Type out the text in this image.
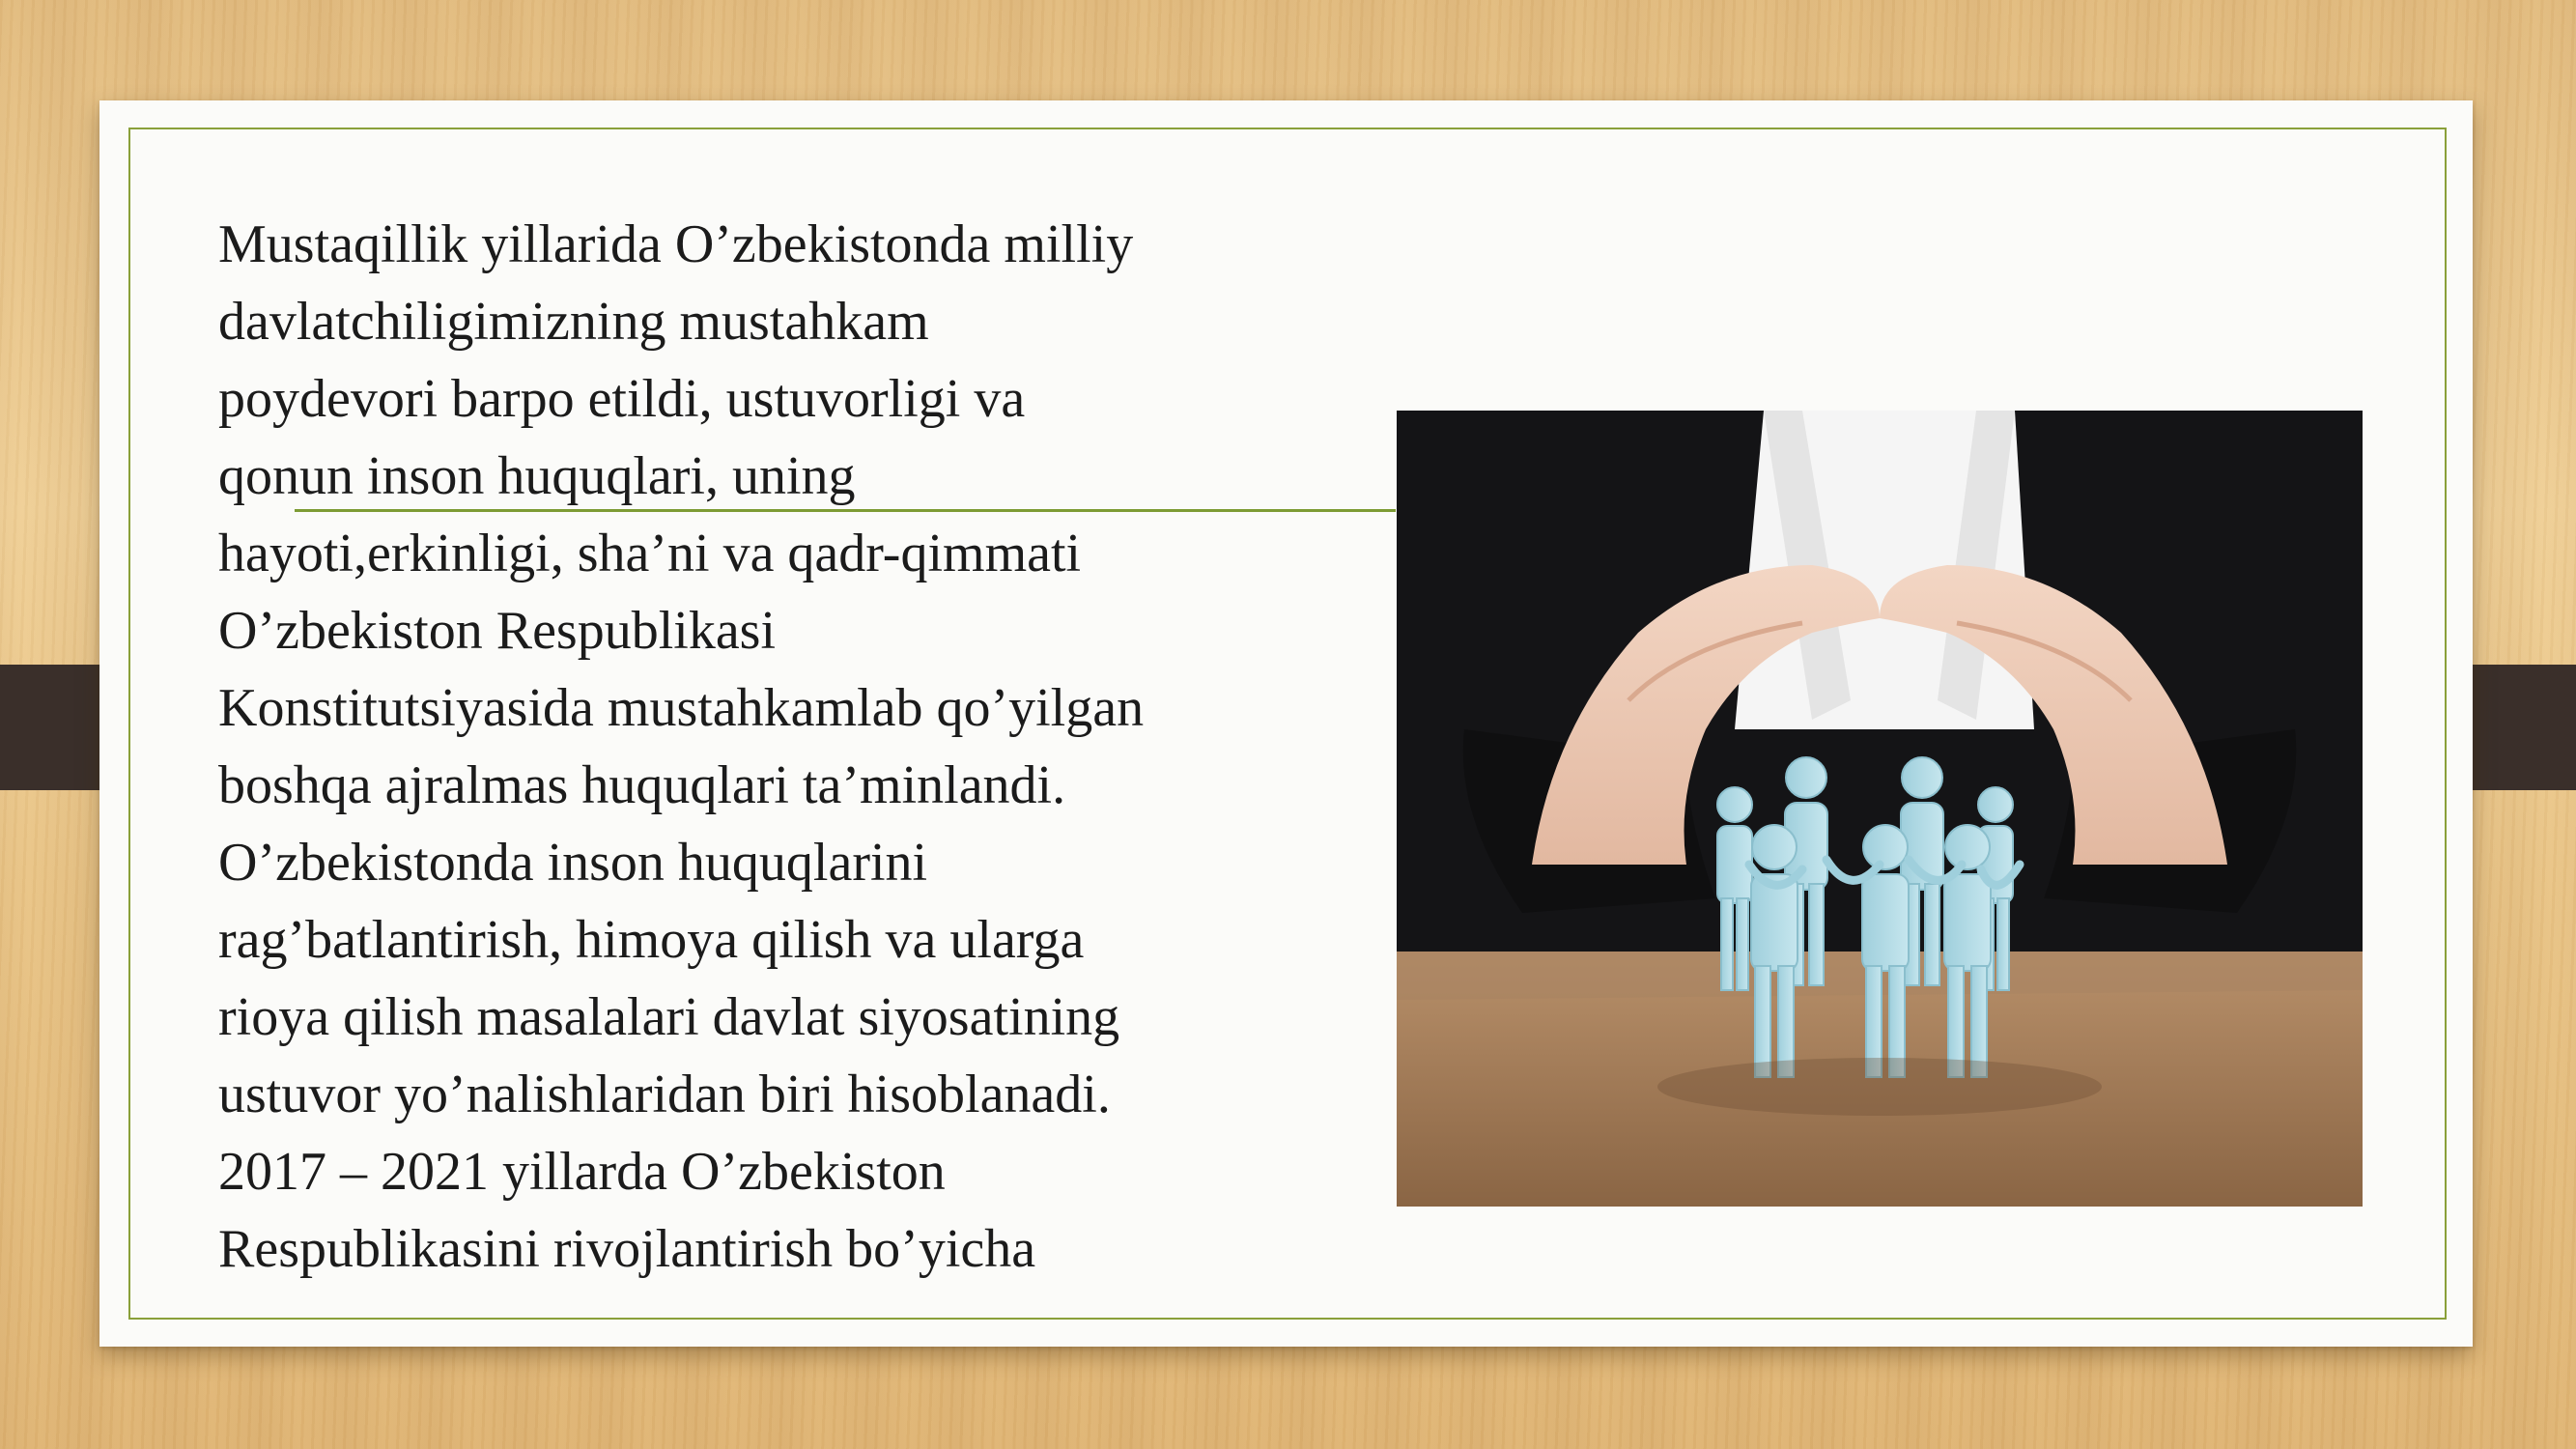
Mustaqillik yillarida O’zbekistonda milliy
davlatchiligimizning mustahkam
poydevori barpo etildi, ustuvorligi va
qonun inson huquqlari, uning
hayoti,erkinligi, sha’ni va qadr-qimmati
O’zbekiston Respublikasi
Konstitutsiyasida mustahkamlab qo’yilgan
boshqa ajralmas huquqlari ta’minlandi.
O’zbekistonda inson huquqlarini
rag’batlantirish, himoya qilish va ularga
rioya qilish masalalari davlat siyosatining
ustuvor yo’nalishlaridan biri hisoblanadi.
2017 – 2021 yillarda O’zbekiston
Respublikasini rivojlantirish bo’yicha
